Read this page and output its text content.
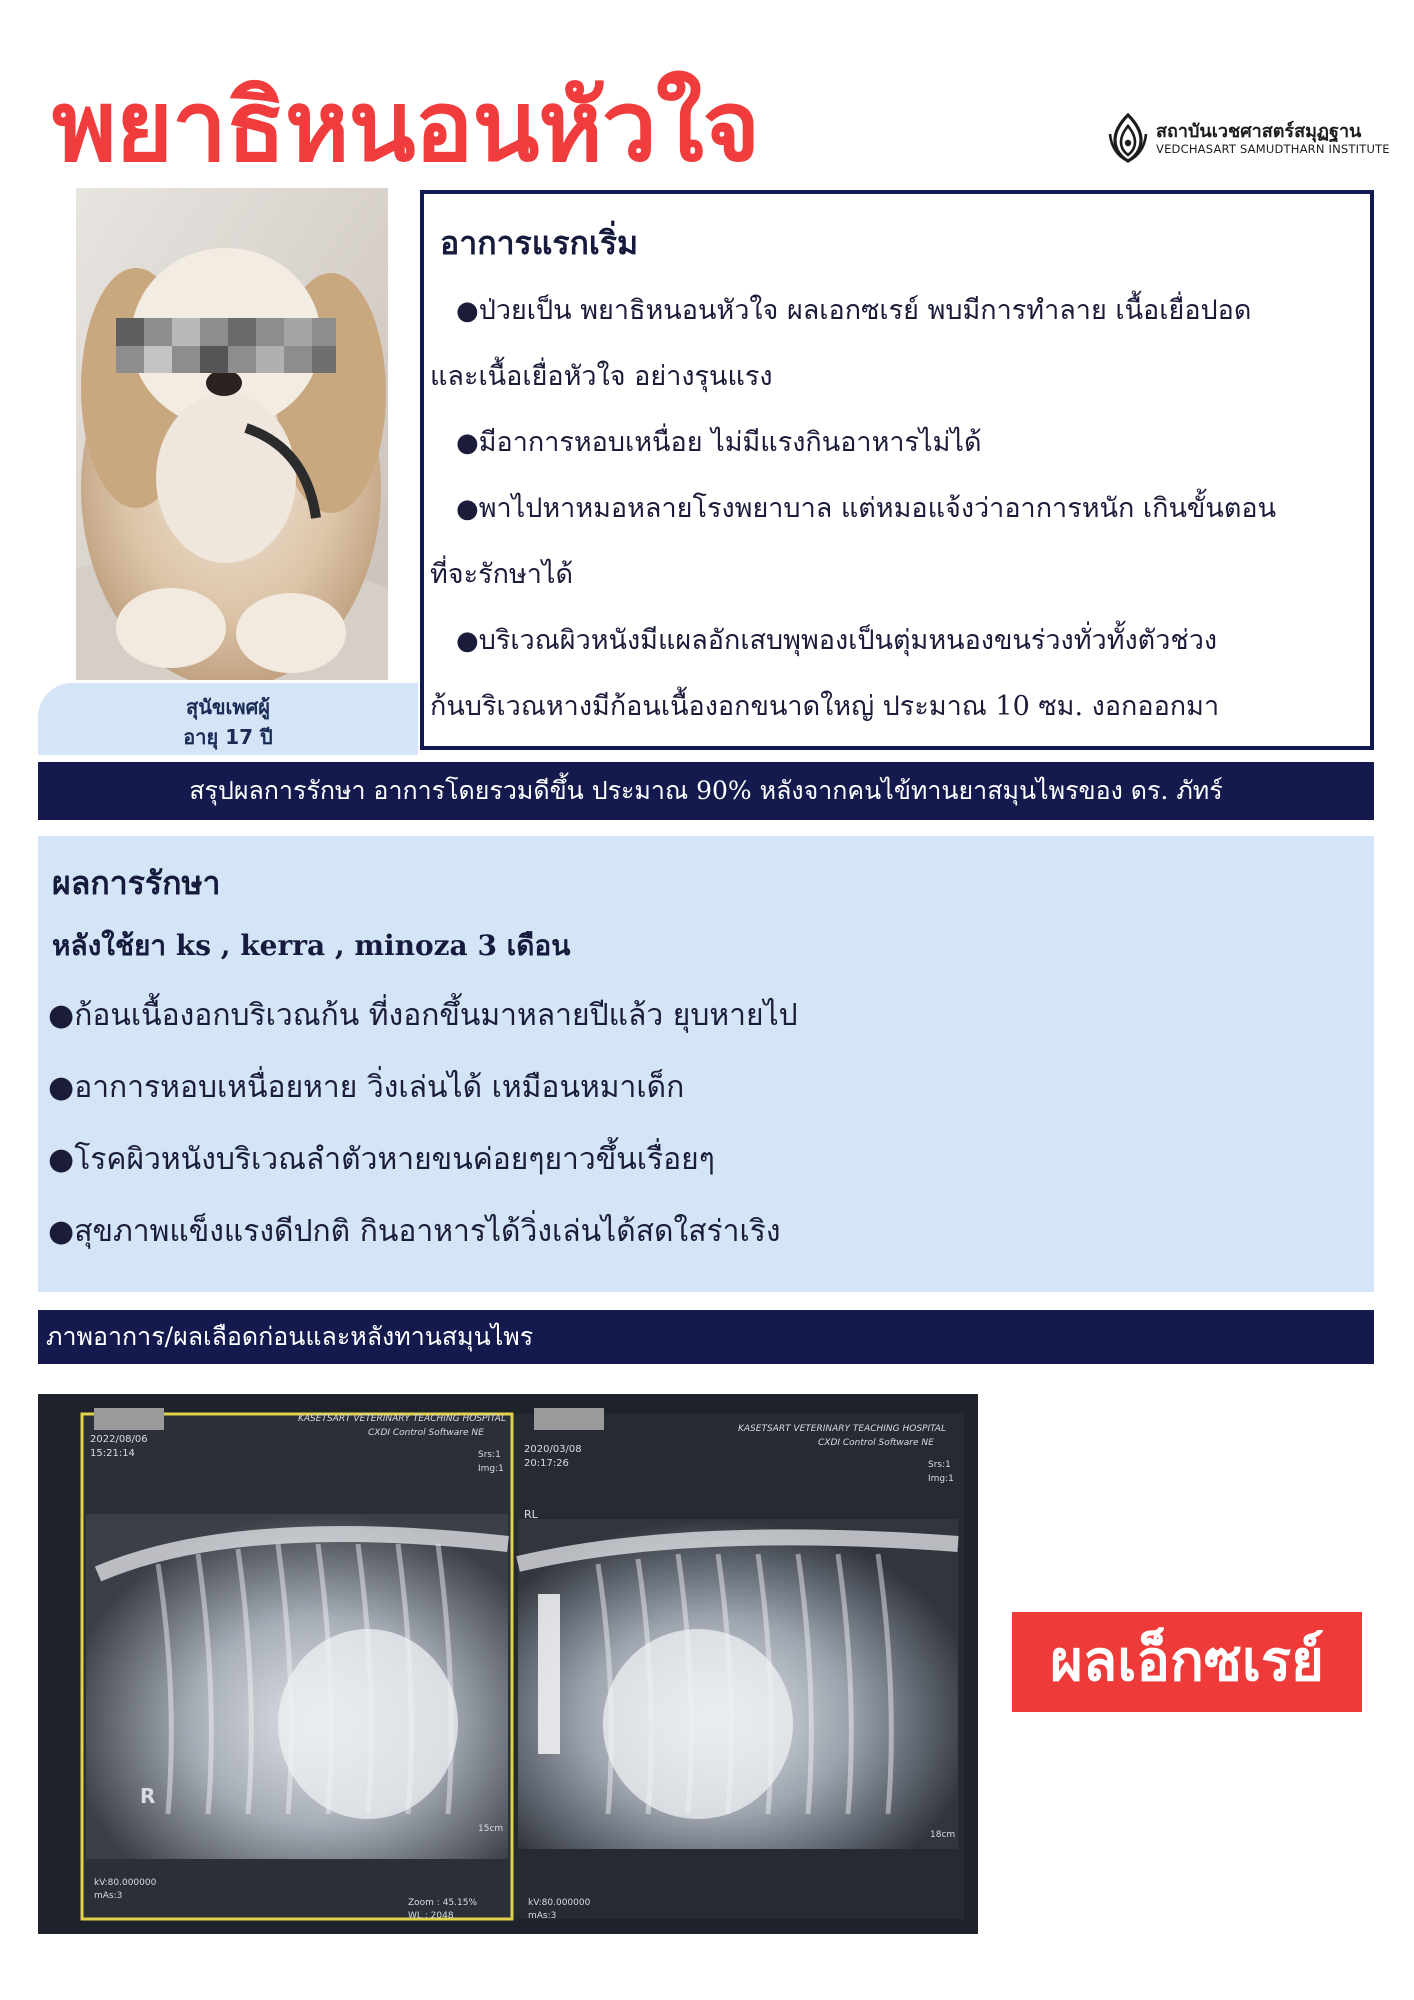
พยาธิหนอนหัวใจ	สถาบันเวชศาสตร์สมุฏฐาน
VEDCHASART SAMUDTHARN INSTITUTE
สุนัขเพศผู้
อายุ 17 ปี
อาการแรกเริ่ม
●ป่วยเป็น พยาธิหนอนหัวใจ ผลเอกซเรย์ พบมีการทำลาย เนื้อเยื่อปอด
และเนื้อเยื่อหัวใจ อย่างรุนแรง
●มีอาการหอบเหนื่อย ไม่มีแรงกินอาหารไม่ได้
●พาไปหาหมอหลายโรงพยาบาล แต่หมอแจ้งว่าอาการหนัก เกินขั้นตอน
ที่จะรักษาได้
●บริเวณผิวหนังมีแผลอักเสบพุพองเป็นตุ่มหนองขนร่วงทั่วทั้งตัวช่วง
ก้นบริเวณหางมีก้อนเนื้องอกขนาดใหญ่ ประมาณ 10 ซม. งอกออกมา
สรุปผลการรักษา อาการโดยรวมดีขึ้น ประมาณ 90% หลังจากคนไข้ทานยาสมุนไพรของ ดร. ภัทร์
ผลการรักษา
หลังใช้ยา ks , kerra , minoza 3 เดือน
●ก้อนเนื้องอกบริเวณก้น ที่งอกขึ้นมาหลายปีแล้ว ยุบหายไป
●อาการหอบเหนื่อยหาย วิ่งเล่นได้ เหมือนหมาเด็ก
●โรคผิวหนังบริเวณลำตัวหายขนค่อยๆยาวขึ้นเรื่อยๆ
●สุขภาพแข็งแรงดีปกติ กินอาหารได้วิ่งเล่นได้สดใสร่าเริง
ภาพอาการ/ผลเลือดก่อนและหลังทานสมุนไพร
KASETSART VETERINARY TEACHING HOSPITAL
CXDI Control Software NE
2022/08/06
15:21:14	Srs:1
Img:1
R
15cm
kV:80.000000
mAs:3
Zoom : 45.15%
WL : 2048
KASETSART VETERINARY TEACHING HOSPITAL
CXDI Control Software NE
2020/03/08
20:17:26	Srs:1
Img:1
RL
18cm
kV:80.000000
mAs:3
ผลเอ็กซเรย์
